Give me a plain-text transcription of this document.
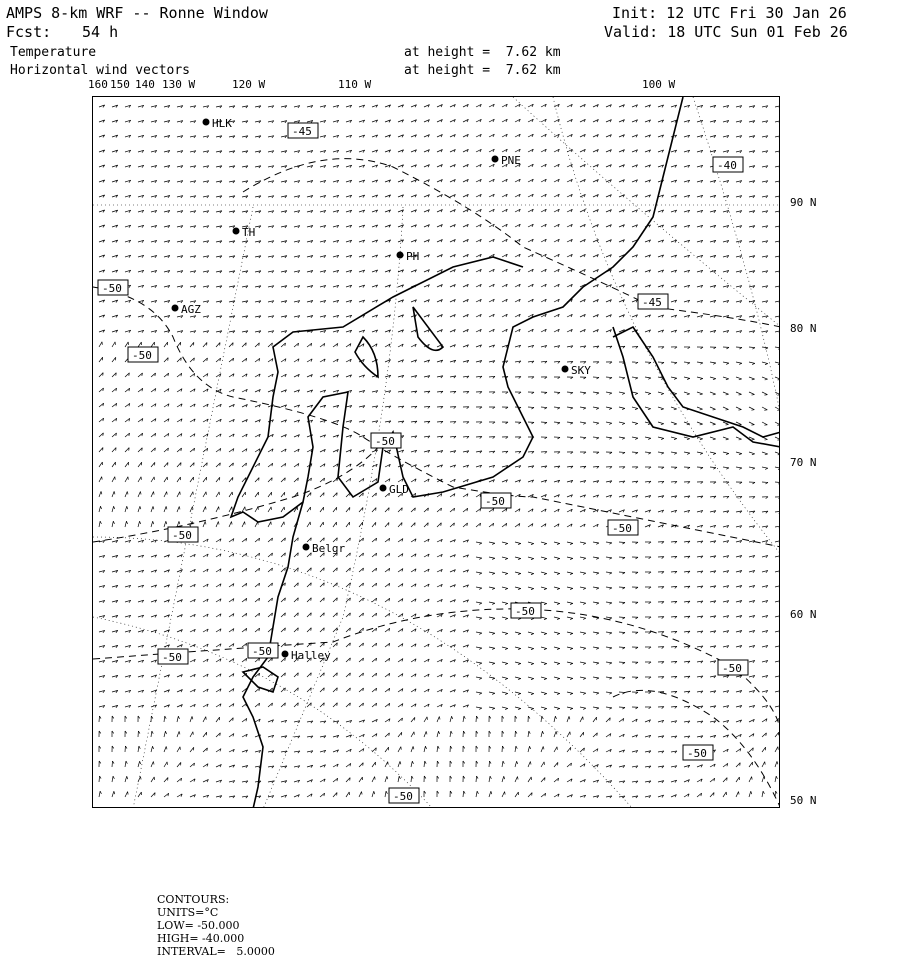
AMPS 8-km WRF -- Ronne Window
Fcst: 54 h
Init: 12 UTC Fri 30 Jan 26
Valid: 18 UTC Sun 01 Feb 26
Temperature
Horizontal wind vectors
at height =  7.62 km
at height =  7.62 km
160 150 140 130 W	120 W	110 W	100 W
90 N
80 N
70 N
60 N
50 N
HLK
PNE
TH
PH
AGZ
SKY
GLD
Belgr
Halley
-45
-40
-50
-50
-45
-50
-50
-50
-50
-50
-50
-50
-50
-50
-50

CONTOURS:
UNITS=°C
LOW= -50.000
HIGH= -40.000
INTERVAL=   5.0000
